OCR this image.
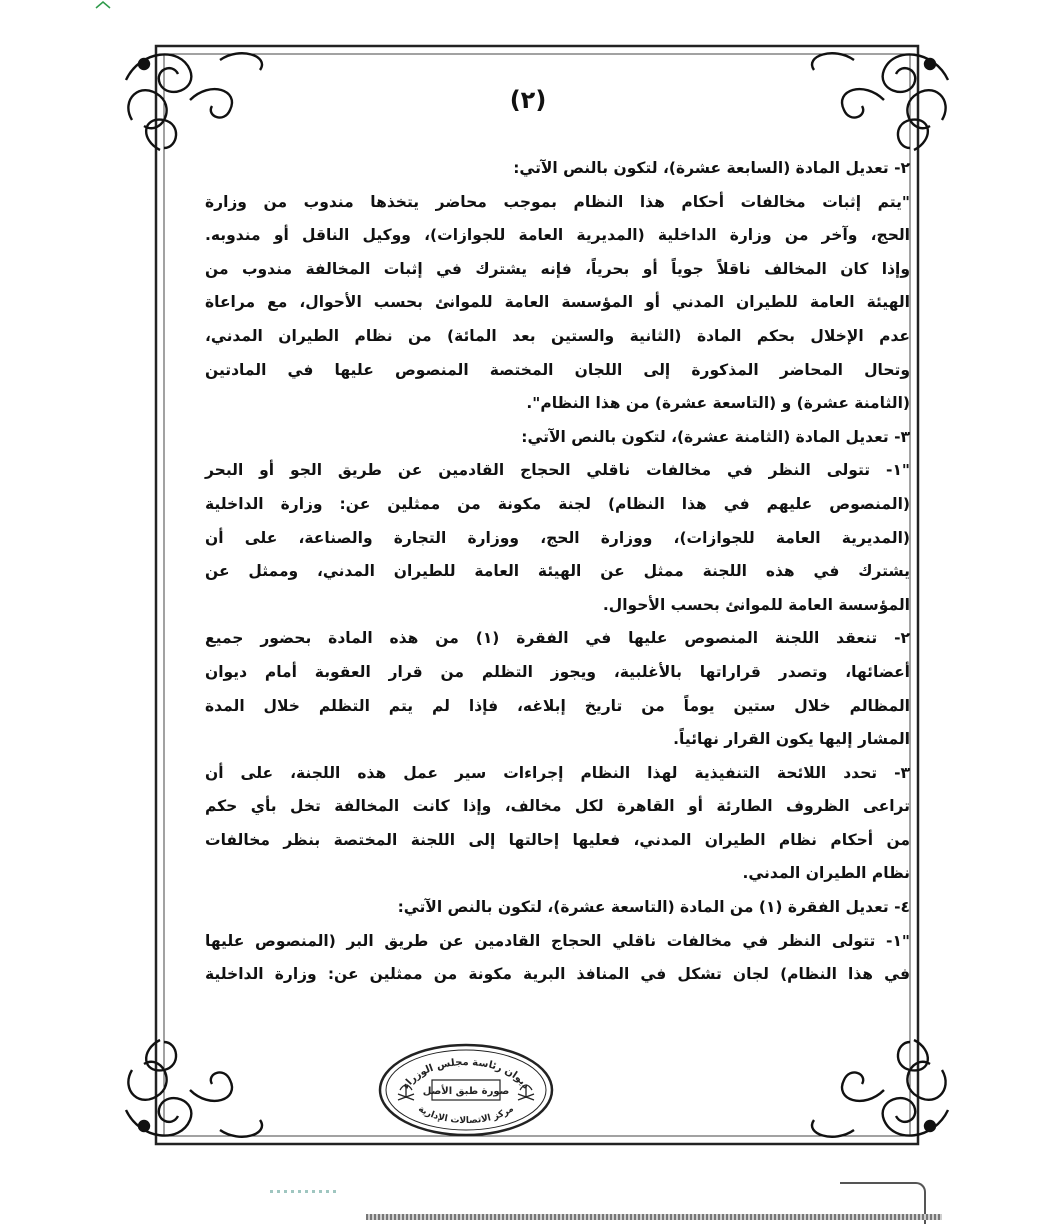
(٢)

٢- تعديل المادة (السابعة عشرة)، لتكون بالنص الآتي:

"يتم إثبات مخالفات أحكام هذا النظام بموجب محاضر يتخذها مندوب من وزارة

الحج، وآخر من وزارة الداخلية (المديرية العامة للجوازات)، ووكيل الناقل أو مندوبه.

وإذا كان المخالف ناقلاً جوياً أو بحرياً، فإنه يشترك في إثبات المخالفة مندوب من

الهيئة العامة للطيران المدني أو المؤسسة العامة للموانئ بحسب الأحوال، مع مراعاة

عدم الإخلال بحكم المادة (الثانية والستين بعد المائة) من نظام الطيران المدني،

وتحال المحاضر المذكورة إلى اللجان المختصة المنصوص عليها في المادتين

(الثامنة عشرة) و (التاسعة عشرة) من هذا النظام".

٣- تعديل المادة (الثامنة عشرة)، لتكون بالنص الآتي:

"١- تتولى النظر في مخالفات ناقلي الحجاج القادمين عن طريق الجو أو البحر

(المنصوص عليهم في هذا النظام) لجنة مكونة من ممثلين عن: وزارة الداخلية

(المديرية العامة للجوازات)، ووزارة الحج، ووزارة التجارة والصناعة، على أن

يشترك في هذه اللجنة ممثل عن الهيئة العامة للطيران المدني، وممثل عن

المؤسسة العامة للموانئ بحسب الأحوال.

٢- تنعقد اللجنة المنصوص عليها في الفقرة (١) من هذه المادة بحضور جميع

أعضائها، وتصدر قراراتها بالأغلبية، ويجوز التظلم من قرار العقوبة أمام ديوان

المظالم خلال ستين يوماً من تاريخ إبلاغه، فإذا لم يتم التظلم خلال المدة

المشار إليها يكون القرار نهائياً.

٣- تحدد اللائحة التنفيذية لهذا النظام إجراءات سير عمل هذه اللجنة، على أن

تراعى الظروف الطارئة أو القاهرة لكل مخالف، وإذا كانت المخالفة تخل بأي حكم

من أحكام نظام الطيران المدني، فعليها إحالتها إلى اللجنة المختصة بنظر مخالفات

نظام الطيران المدني.

٤- تعديل الفقرة (١) من المادة (التاسعة عشرة)، لتكون بالنص الآتي:

"١- تتولى النظر في مخالفات ناقلي الحجاج القادمين عن طريق البر (المنصوص عليها

في هذا النظام) لجان تشكل في المنافذ البرية مكونة من ممثلين عن: وزارة الداخلية

ديوان رئاسة مجلس الوزراء
صورة طبق الأصل
مركز الاتصالات الإدارية
